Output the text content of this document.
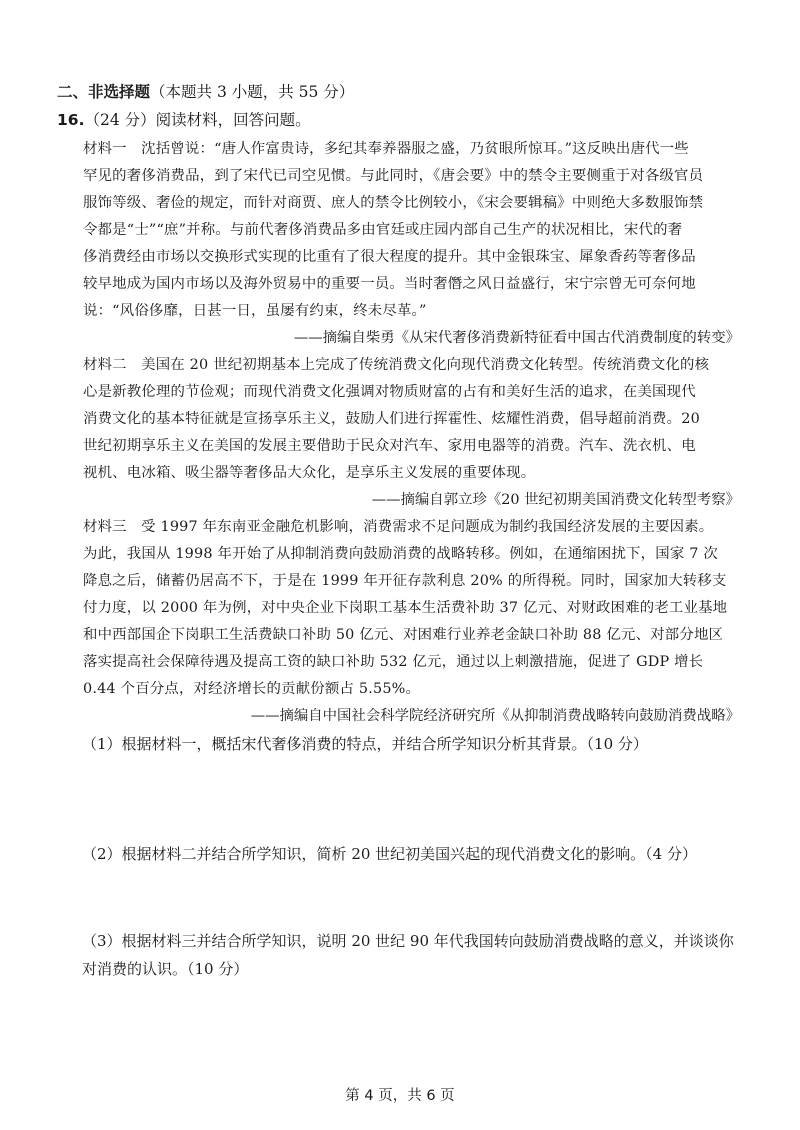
二、非选择题（本题共 3 小题，共 55 分）
16.（24 分）阅读材料，回答问题。
材料一 沈括曾说：“唐人作富贵诗，多纪其奉养器服之盛，乃贫眼所惊耳。”这反映出唐代一些
罕见的奢侈消费品，到了宋代已司空见惯。与此同时，《唐会要》中的禁令主要侧重于对各级官员
服饰等级、奢俭的规定，而针对商贾、庶人的禁令比例较小，《宋会要辑稿》中则绝大多数服饰禁
令都是“士”“庶”并称。与前代奢侈消费品多由官廷或庄园内部自己生产的状况相比，宋代的奢
侈消费经由市场以交换形式实现的比重有了很大程度的提升。其中金银珠宝、犀象香药等奢侈品
较早地成为国内市场以及海外贸易中的重要一员。当时奢僭之风日益盛行，宋宁宗曾无可奈何地
说：“风俗侈靡，日甚一日，虽屡有约束，终未尽革。”
——摘编自柴勇《从宋代奢侈消费新特征看中国古代消费制度的转变》
材料二 美国在 20 世纪初期基本上完成了传统消费文化向现代消费文化转型。传统消费文化的核
心是新教伦理的节俭观；而现代消费文化强调对物质财富的占有和美好生活的追求，在美国现代
消费文化的基本特征就是宣扬享乐主义，鼓励人们进行挥霍性、炫耀性消费，倡导超前消费。20
世纪初期享乐主义在美国的发展主要借助于民众对汽车、家用电器等的消费。汽车、洗衣机、电
视机、电冰箱、吸尘器等奢侈品大众化，是享乐主义发展的重要体现。
——摘编自郭立珍《20 世纪初期美国消费文化转型考察》
材料三 受 1997 年东南亚金融危机影响，消费需求不足问题成为制约我国经济发展的主要因素。
为此，我国从 1998 年开始了从抑制消费向鼓励消费的战略转移。例如，在通缩困扰下，国家 7 次
降息之后，储蓄仍居高不下，于是在 1999 年开征存款利息 20% 的所得税。同时，国家加大转移支
付力度，以 2000 年为例，对中央企业下岗职工基本生活费补助 37 亿元、对财政困难的老工业基地
和中西部国企下岗职工生活费缺口补助 50 亿元、对困难行业养老金缺口补助 88 亿元、对部分地区
落实提高社会保障待遇及提高工资的缺口补助 532 亿元，通过以上刺激措施，促进了 GDP 增长
0.44 个百分点，对经济增长的贡献份额占 5.55%。
——摘编自中国社会科学院经济研究所《从抑制消费战略转向鼓励消费战略》
（1）根据材料一，概括宋代奢侈消费的特点，并结合所学知识分析其背景。（10 分）
（2）根据材料二并结合所学知识，简析 20 世纪初美国兴起的现代消费文化的影响。（4 分）
（3）根据材料三并结合所学知识，说明 20 世纪 90 年代我国转向鼓励消费战略的意义，并谈谈你
对消费的认识。（10 分）
第 4 页，共 6 页
